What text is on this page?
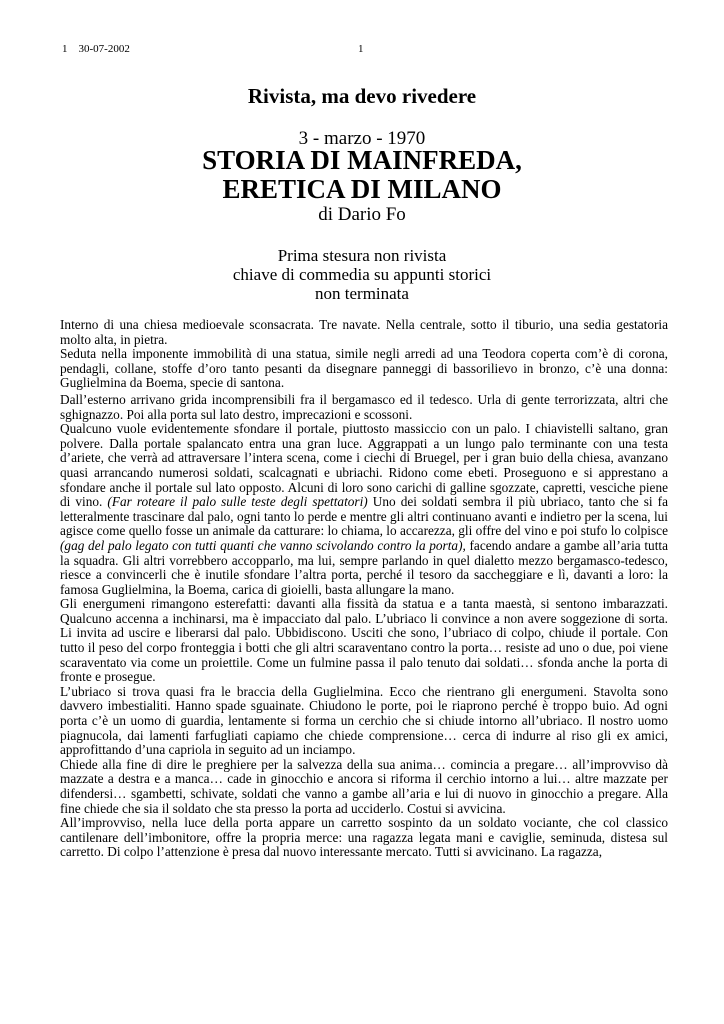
1    30-07-2002	1
Rivista, ma devo rivedere
3 - marzo - 1970
STORIA DI MAINFREDA,
ERETICA DI MILANO
di Dario Fo
Prima stesura non rivista
chiave di commedia su appunti storici
non terminata

Interno di una chiesa medioevale sconsacrata. Tre navate. Nella centrale, sotto il tiburio, una sedia gestatoria molto alta, in pietra.

Seduta nella imponente immobilità di una statua, simile negli arredi ad una Teodora coperta com’è di corona, pendagli, collane, stoffe d’oro tanto pesanti da disegnare panneggi di bassorilievo in bronzo, c’è una donna: Guglielmina da Boema, specie di santona.

Dall’esterno arrivano grida incomprensibili fra il bergamasco ed il tedesco. Urla di gente terrorizzata, altri che sghignazzo. Poi alla porta sul lato destro, imprecazioni e scossoni.

Qualcuno vuole evidentemente sfondare il portale, piuttosto massiccio con un palo. I chiavistelli saltano, gran polvere. Dalla portale spalancato entra una gran luce. Aggrappati a un lungo palo terminante con una testa d’ariete, che verrà ad attraversare l’intera scena, come i ciechi di Bruegel, per i gran buio della chiesa, avanzano quasi arrancando numerosi soldati, scalcagnati e ubriachi. Ridono come ebeti. Proseguono e si apprestano a sfondare anche il portale sul lato opposto. Alcuni di loro sono carichi di galline sgozzate, capretti, vesciche piene di vino. (Far roteare il palo sulle teste degli spettatori) Uno dei soldati sembra il più ubriaco, tanto che si fa letteralmente trascinare dal palo, ogni tanto lo perde e mentre gli altri continuano avanti e indietro per la scena, lui agisce come quello fosse un animale da catturare: lo chiama, lo accarezza, gli offre del vino e poi stufo lo colpisce (gag del palo legato con tutti quanti che vanno scivolando contro la porta), facendo andare a gambe all’aria tutta la squadra. Gli altri vorrebbero accopparlo, ma lui, sempre parlando in quel dialetto mezzo bergamasco-tedesco, riesce a convincerli che è inutile sfondare l’altra porta, perché il tesoro da saccheggiare e lì, davanti a loro: la famosa Guglielmina, la Boema, carica di gioielli, basta allungare la mano.

Gli energumeni rimangono esterefatti: davanti alla fissità da statua e a tanta maestà, si sentono imbarazzati. Qualcuno accenna a inchinarsi, ma è impacciato dal palo. L’ubriaco li convince a non avere soggezione di sorta. Li invita ad uscire e liberarsi dal palo. Ubbidiscono. Usciti che sono, l’ubriaco di colpo, chiude il portale. Con tutto il peso del corpo fronteggia i botti che gli altri scaraventano contro la porta… resiste ad uno o due, poi viene scaraventato via come un proiettile. Come un fulmine passa il palo tenuto dai soldati… sfonda anche la porta di fronte e prosegue.

L’ubriaco si trova quasi fra le braccia della Guglielmina. Ecco che rientrano gli energumeni. Stavolta sono davvero imbestialiti. Hanno spade sguainate. Chiudono le porte, poi le riaprono perché è troppo buio. Ad ogni porta c’è un uomo di guardia, lentamente si forma un cerchio che si chiude intorno all’ubriaco. Il nostro uomo piagnucola, dai lamenti farfugliati capiamo che chiede comprensione… cerca di indurre al riso gli ex amici, approfittando d’una capriola in seguito ad un inciampo.

Chiede alla fine di dire le preghiere per la salvezza della sua anima… comincia a pregare… all’improvviso dà mazzate a destra e a manca… cade in ginocchio e ancora si riforma il cerchio intorno a lui… altre mazzate per difendersi… sgambetti, schivate, soldati che vanno a gambe all’aria e lui di nuovo in ginocchio a pregare. Alla fine chiede che sia il soldato che sta presso la porta ad ucciderlo. Costui si avvicina.

All’improvviso, nella luce della porta appare un carretto sospinto da un soldato vociante, che col classico cantilenare dell’imbonitore, offre la propria merce: una ragazza legata mani e caviglie, seminuda, distesa sul carretto. Di colpo l’attenzione è presa dal nuovo interessante mercato. Tutti si avvicinano. La ragazza,
